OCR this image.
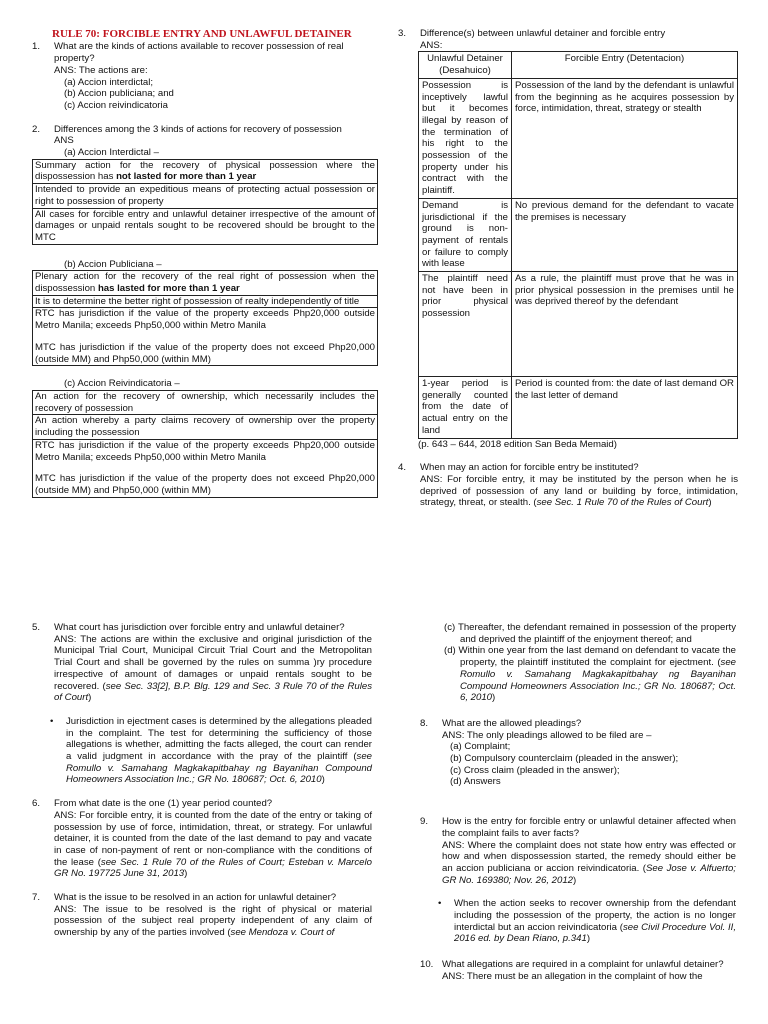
RULE 70: FORCIBLE ENTRY AND UNLAWFUL DETAINER

1. What are the kinds of actions available to recover possession of real property?

ANS: The actions are:

(a) Accion interdictal;

(b) Accion publiciana; and

(c) Accion reivindicatoria

2. Differences among the 3 kinds of actions for recovery of possession

ANS

(a) Accion Interdictal –

Summary action for the recovery of physical possession where the dispossession has not lasted for more than 1 year
Intended to provide an expeditious means of protecting actual possession or right to possession of property
All cases for forcible entry and unlawful detainer irrespective of the amount of damages or unpaid rentals sought to be recovered should be brought to the MTC

(b) Accion Publiciana –

Plenary action for the recovery of the real right of possession when the dispossession has lasted for more than 1 year
It is to determine the better right of possession of realty independently of title

RTC has jurisdiction if the value of the property exceeds Php20,000 outside Metro Manila; exceeds Php50,000 within Metro Manila

MTC has jurisdiction if the value of the property does not exceed Php20,000 (outside MM) and Php50,000 (within MM)

(c) Accion Reivindicatoria –

An action for the recovery of ownership, which necessarily includes the recovery of possession
An action whereby a party claims recovery of ownership over the property including the possession

RTC has jurisdiction if the value of the property exceeds Php20,000 outside Metro Manila; exceeds Php50,000 within Metro Manila

MTC has jurisdiction if the value of the property does not exceed Php20,000 (outside MM) and Php50,000 (within MM)

3. Difference(s) between unlawful detainer and forcible entry

ANS:

Unlawful Detainer (Desahuico)	Forcible Entry (Detentacion)
Possession is inceptively lawful but it becomes illegal by reason of the termination of his right to the possession of the property under his contract with the plaintiff.	Possession of the land by the defendant is unlawful from the beginning as he acquires possession by force, intimidation, threat, strategy or stealth
Demand is jurisdictional if the ground is non-payment of rentals or failure to comply with lease	No previous demand for the defendant to vacate the premises is necessary
The plaintiff need not have been in prior physical possession	As a rule, the plaintiff must prove that he was in prior physical possession in the premises until he was deprived thereof by the defendant
1-year period is generally counted from the date of actual entry on the land	Period is counted from: the date of last demand OR the last letter of demand

(p. 643 – 644, 2018 edition San Beda Memaid)

4. When may an action for forcible entry be instituted?

ANS: For forcible entry, it may be instituted by the person when he is deprived of possession of any land or building by force, intimidation, strategy, threat, or stealth. (see Sec. 1 Rule 70 of the Rules of Court)

5. What court has jurisdiction over forcible entry and unlawful detainer?

ANS: The actions are within the exclusive and original jurisdiction of the Municipal Trial Court, Municipal Circuit Trial Court and the Metropolitan Trial Court and shall be governed by the rules on summa )ry procedure irrespective of amount of damages or unpaid rentals sought to be recovered. (see Sec. 33[2], B.P. Blg. 129 and Sec. 3 Rule 70 of the Rules of Court)

• Jurisdiction in ejectment cases is determined by the allegations pleaded in the complaint. The test for determining the sufficiency of those allegations is whether, admitting the facts alleged, the court can render a valid judgment in accordance with the pray of the plaintiff (see Romullo v. Samahang Magkakapitbahay ng Bayanihan Compound Homeowners Association Inc.; GR No. 180687; Oct. 6, 2010)

6. From what date is the one (1) year period counted?

ANS: For forcible entry, it is counted from the date of the entry or taking of possession by use of force, intimidation, threat, or strategy. For unlawful detainer, it is counted from the date of the last demand to pay and vacate in case of non-payment of rent or non-compliance with the conditions of the lease (see Sec. 1 Rule 70 of the Rules of Court; Esteban v. Marcelo GR No. 197725 June 31, 2013)

7. What is the issue to be resolved in an action for unlawful detainer?

ANS: The issue to be resolved is the right of physical or material possession of the subject real property independent of any claim of ownership by any of the parties involved (see Mendoza v. Court of

(c) Thereafter, the defendant remained in possession of the property and deprived the plaintiff of the enjoyment thereof; and

(d) Within one year from the last demand on defendant to vacate the property, the plaintiff instituted the complaint for ejectment. (see Romullo v. Samahang Magkakapitbahay ng Bayanihan Compound Homeowners Association Inc.; GR No. 180687; Oct. 6, 2010)

8. What are the allowed pleadings?

ANS: The only pleadings allowed to be filed are –

(a) Complaint;

(b) Compulsory counterclaim (pleaded in the answer);

(c) Cross claim (pleaded in the answer);

(d) Answers

9. How is the entry for forcible entry or unlawful detainer affected when the complaint fails to aver facts?

ANS: Where the complaint does not state how entry was effected or how and when dispossession started, the remedy should either be an accion publiciana or accion reivindicatoria. (See Jose v. Alfuerto; GR No. 169380; Nov. 26, 2012)

• When the action seeks to recover ownership from the defendant including the possession of the property, the action is no longer interdictal but an accion reivindicatoria (see Civil Procedure Vol. II, 2016 ed. by Dean Riano, p.341)

10. What allegations are required in a complaint for unlawful detainer?

ANS: There must be an allegation in the complaint of how the
